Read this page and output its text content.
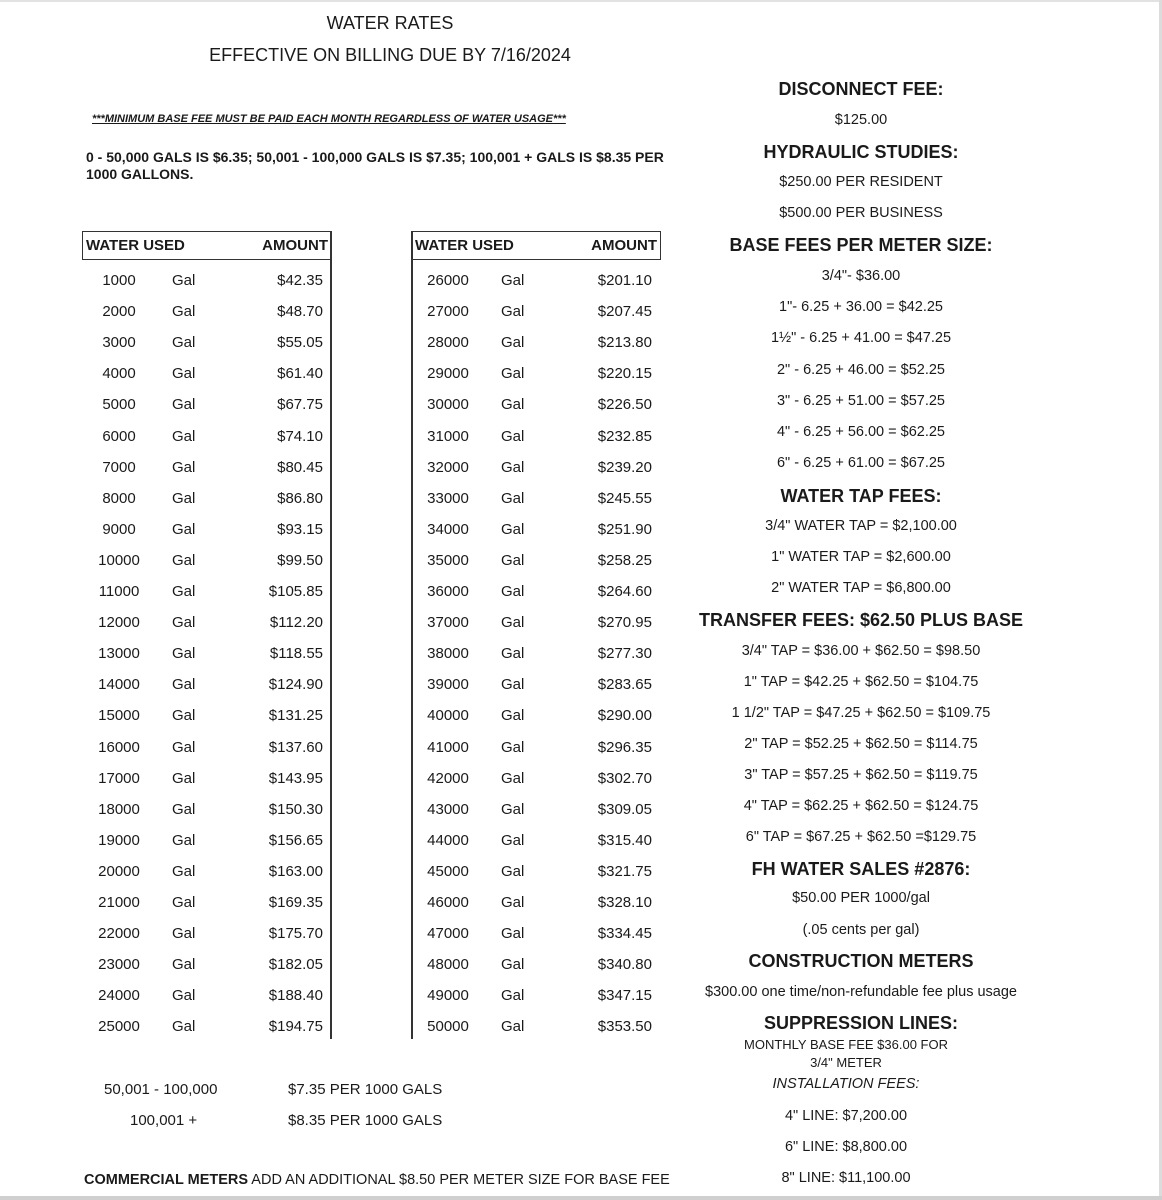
WATER RATES
EFFECTIVE ON BILLING DUE BY 7/16/2024
***MINIMUM BASE FEE MUST BE PAID EACH MONTH REGARDLESS OF WATER USAGE***
0 - 50,000 GALS IS $6.35; 50,001 - 100,000 GALS IS $7.35; 100,001 + GALS IS $8.35 PER 1000 GALLONS.
WATER USED	AMOUNT
1000	Gal	$42.35
2000	Gal	$48.70
3000	Gal	$55.05
4000	Gal	$61.40
5000	Gal	$67.75
6000	Gal	$74.10
7000	Gal	$80.45
8000	Gal	$86.80
9000	Gal	$93.15
10000 Gal	$99.50
11000	Gal	$105.85
12000 Gal	$112.20
13000 Gal	$118.55
14000 Gal	$124.90
15000 Gal	$131.25
16000 Gal	$137.60
17000 Gal	$143.95
18000 Gal	$150.30
19000 Gal	$156.65
20000 Gal	$163.00
21000 Gal	$169.35
22000 Gal	$175.70
23000 Gal	$182.05
24000 Gal	$188.40
25000 Gal	$194.75
WATER USED	AMOUNT
26000 Gal	$201.10
27000 Gal	$207.45
28000 Gal	$213.80
29000 Gal	$220.15
30000 Gal	$226.50
31000 Gal	$232.85
32000 Gal	$239.20
33000 Gal	$245.55
34000 Gal	$251.90
35000 Gal	$258.25
36000 Gal	$264.60
37000 Gal	$270.95
38000 Gal	$277.30
39000 Gal	$283.65
40000 Gal	$290.00
41000 Gal	$296.35
42000 Gal	$302.70
43000 Gal	$309.05
44000 Gal	$315.40
45000 Gal	$321.75
46000 Gal	$328.10
47000 Gal	$334.45
48000 Gal	$340.80
49000 Gal	$347.15
50000 Gal	$353.50
50,001 - 100,000	$7.35 PER 1000 GALS
100,001 +	$8.35 PER 1000 GALS
COMMERCIAL METERS ADD AN ADDITIONAL $8.50 PER METER SIZE FOR BASE FEE
DISCONNECT FEE:
$125.00
HYDRAULIC STUDIES:
$250.00 PER RESIDENT
$500.00 PER BUSINESS
BASE FEES PER METER SIZE:
3/4"- $36.00
1"- 6.25 + 36.00 = $42.25
1½" - 6.25 + 41.00 = $47.25
2" - 6.25 + 46.00 = $52.25
3" - 6.25 + 51.00 = $57.25
4" - 6.25 + 56.00 = $62.25
6" - 6.25 + 61.00 = $67.25
WATER TAP FEES:
3/4" WATER TAP = $2,100.00
1" WATER TAP = $2,600.00
2" WATER TAP = $6,800.00
TRANSFER FEES: $62.50 PLUS BASE
3/4" TAP = $36.00 + $62.50 = $98.50
1" TAP = $42.25 + $62.50 = $104.75
1 1/2" TAP = $47.25 + $62.50 = $109.75
2" TAP = $52.25 + $62.50 = $114.75
3" TAP = $57.25 + $62.50 = $119.75
4" TAP = $62.25 + $62.50 = $124.75
6" TAP = $67.25 + $62.50 =$129.75
FH WATER SALES #2876:
$50.00 PER 1000/gal
(.05 cents per gal)
CONSTRUCTION METERS
$300.00 one time/non-refundable fee plus usage
SUPPRESSION LINES:
MONTHLY BASE FEE $36.00 FOR
3/4" METER
INSTALLATION FEES:
4" LINE: $7,200.00
6" LINE: $8,800.00
8" LINE: $11,100.00
